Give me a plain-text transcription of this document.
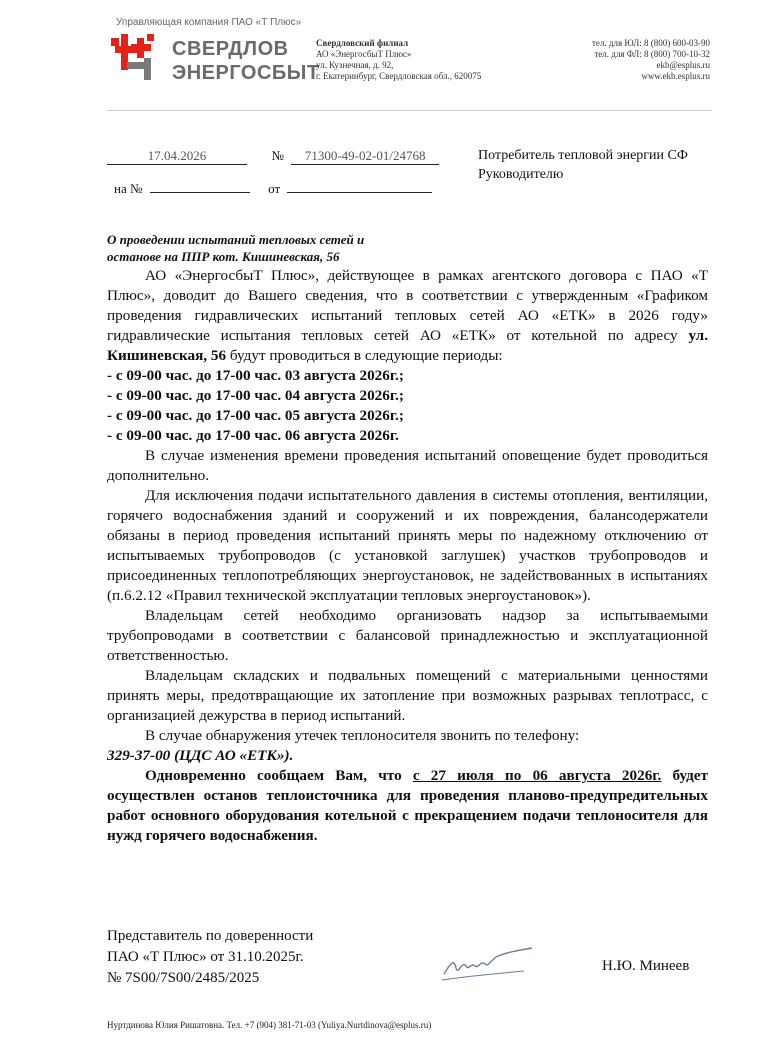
Управляющая компания ПАО «Т Плюс»
СВЕРДЛОВ
ЭНЕРГОСБЫТ
Свердловский филиал
АО «ЭнергосбыТ Плюс»
ул. Кузнечная, д. 92,
г. Екатеринбург, Свердловская обл., 620075
тел. для ЮЛ: 8 (800) 600-03-90
тел. для ФЛ: 8 (800) 700-10-32
ekb@esplus.ru
www.ekb.esplus.ru
17.04.2026	№ 71300-49-02-01/24768
на №	от
Потребитель тепловой энергии СФ
Руководителю
О проведении испытаний тепловых сетей и
останове на ППР кот. Кишиневская, 56

АО «ЭнергосбыТ Плюс», действующее в рамках агентского договора с ПАО «Т Плюс», доводит до Вашего сведения, что в соответствии с утвержденным «Графиком проведения гидравлических испытаний тепловых сетей АО «ЕТК» в 2026 году» гидравлические испытания тепловых сетей АО «ЕТК» от котельной по адресу ул. Кишиневская, 56 будут проводиться в следующие периоды:

- с 09-00 час. до 17-00 час. 03 августа 2026г.;

- с 09-00 час. до 17-00 час. 04 августа 2026г.;

- с 09-00 час. до 17-00 час. 05 августа 2026г.;

- с 09-00 час. до 17-00 час. 06 августа 2026г.

В случае изменения времени проведения испытаний оповещение будет проводиться дополнительно.

Для исключения подачи испытательного давления в системы отопления, вентиляции, горячего водоснабжения зданий и сооружений и их повреждения, балансодержатели обязаны в период проведения испытаний принять меры по надежному отключению от испытываемых трубопроводов (с установкой заглушек) участков трубопроводов и присоединенных теплопотребляющих энергоустановок, не задействованных в испытаниях (п.6.2.12 «Правил технической эксплуатации тепловых энергоустановок»).

Владельцам сетей необходимо организовать надзор за испытываемыми трубопроводами в соответствии с балансовой принадлежностью и эксплуатационной ответственностью.

Владельцам складских и подвальных помещений с материальными ценностями принять меры, предотвращающие их затопление при возможных разрывах теплотрасс, с организацией дежурства в период испытаний.

В случае обнаружения утечек теплоносителя звонить по телефону:

329-37-00 (ЦДС АО «ЕТК»).

Одновременно сообщаем Вам, что с 27 июля по 06 августа 2026г. будет осуществлен останов теплоисточника для проведения планово-предупредительных работ основного оборудования котельной с прекращением подачи теплоносителя для нужд горячего водоснабжения.

Представитель по доверенности
ПАО «Т Плюс» от 31.10.2025г.
№ 7S00/7S00/2485/2025
Н.Ю. Минеев
Нуртдинова Юлия Ришатовна. Тел. +7 (904) 381-71-03 (Yuliya.Nurtdinova@esplus.ru)
